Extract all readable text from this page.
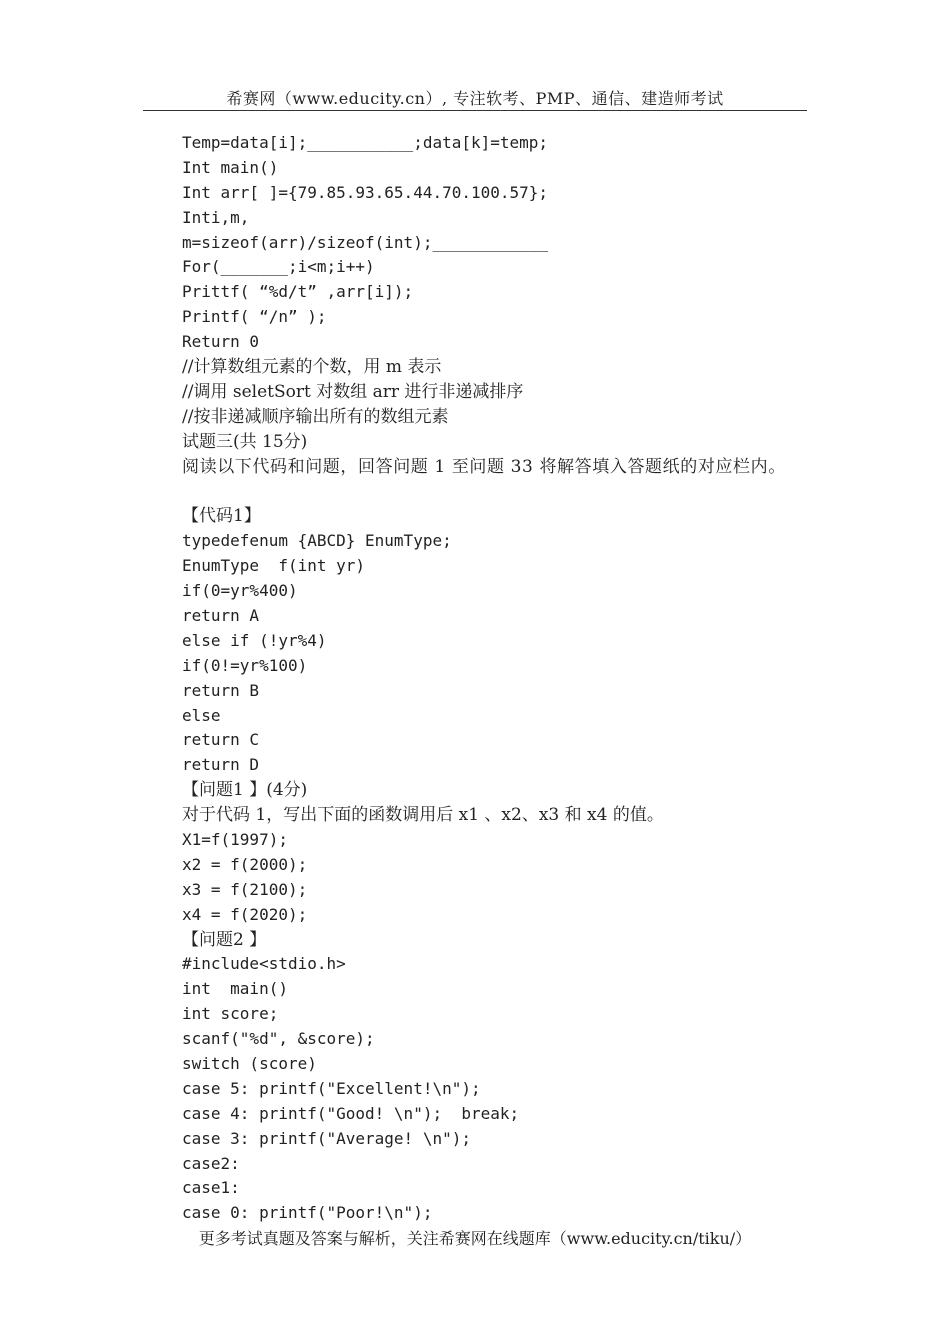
希赛网（www.educity.cn）, 专注软考、PMP、通信、建造师考试
Temp=data[i];___________;data[k]=temp;
Int main()
Int arr[ ]={79.85.93.65.44.70.100.57};
Inti,m,
m=sizeof(arr)/sizeof(int);____________
For(_______;i<m;i++)
Prittf( “%d/t” ,arr[i]);
Printf( “/n” );
Return 0
//计算数组元素的个数，用 m 表示
//调用 seletSort 对数组 arr 进行非递减排序
//按非递减顺序输出所有的数组元素
试题三(共 15分)
阅读以下代码和问题，回答问题 1 至问题 33 将解答填入答题纸的对应栏内。
【代码1】
typedefenum {ABCD} EnumType;
EnumType  f(int yr)
if(0=yr%400)
return A
else if (!yr%4)
if(0!=yr%100)
return B
else
return C
return D
【问题1 】(4分)
对于代码 1，写出下面的函数调用后 x1 、x2、x3 和 x4 的值。
X1=f(1997);
x2 = f(2000);
x3 = f(2100);
x4 = f(2020);
【问题2 】
#include<stdio.h>
int  main()
int score;
scanf("%d", &score);
switch (score)
case 5: printf("Excellent!\n");
case 4: printf("Good! \n");  break;
case 3: printf("Average! \n");
case2:
case1:
case 0: printf("Poor!\n");
更多考试真题及答案与解析，关注希赛网在线题库（www.educity.cn/tiku/）
